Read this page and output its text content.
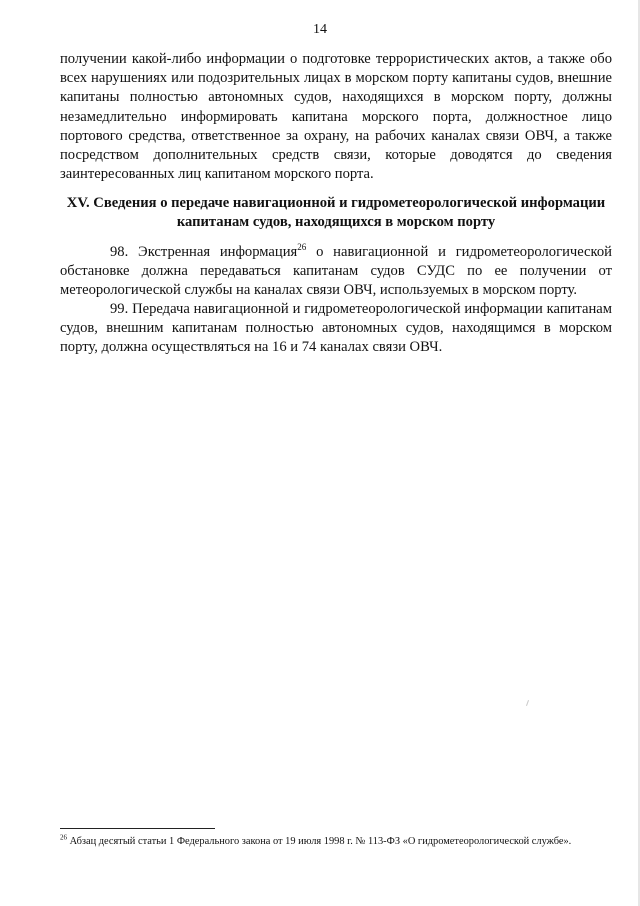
14
получении какой-либо информации о подготовке террористических актов, а также обо всех нарушениях или подозрительных лицах в морском порту капитаны судов, внешние капитаны полностью автономных судов, находящихся в морском порту, должны незамедлительно информировать капитана морского порта, должностное лицо портового средства, ответственное за охрану, на рабочих каналах связи ОВЧ, а также посредством дополнительных средств связи, которые доводятся до сведения заинтересованных лиц капитаном морского порта.
XV. Сведения о передаче навигационной и гидрометеорологической информации капитанам судов, находящихся в морском порту
98. Экстренная информация$^{26}$ о навигационной и гидрометеорологической обстановке должна передаваться капитанам судов СУДС по ее получении от метеорологической службы на каналах связи ОВЧ, используемых в морском порту.
99. Передача навигационной и гидрометеорологической информации капитанам судов, внешним капитанам полностью автономных судов, находящимся в морском порту, должна осуществляться на 16 и 74 каналах связи ОВЧ.
$^{26}$ Абзац десятый статьи 1 Федерального закона от 19 июля 1998 г. № 113-ФЗ «О гидрометеорологической службе».
